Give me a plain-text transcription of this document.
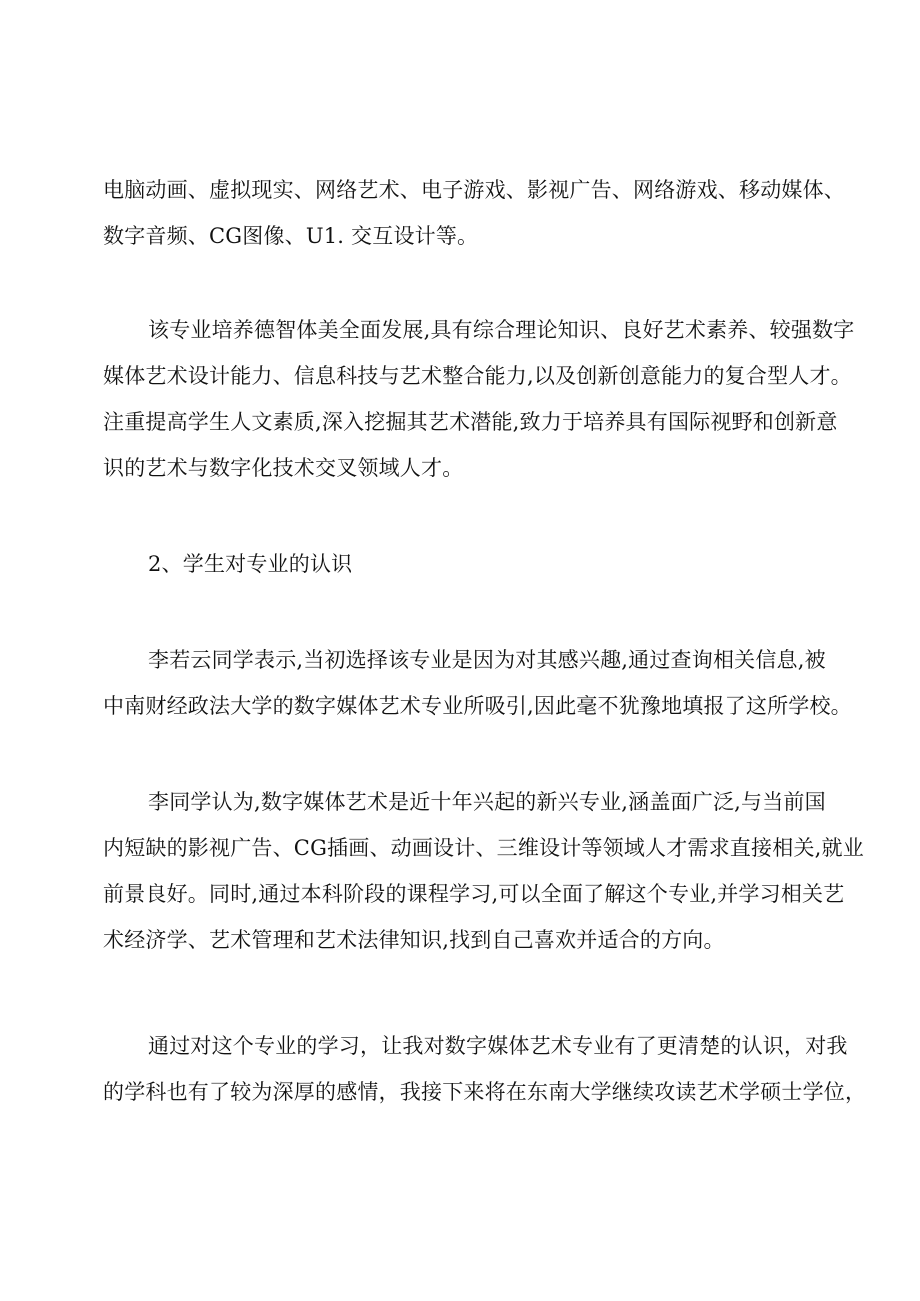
电脑动画、虚拟现实、网络艺术、电子游戏、影视广告、网络游戏、移动媒体、
数字音频、CG图像、U1. 交互设计等。
该专业培养德智体美全面发展,具有综合理论知识、良好艺术素养、较强数字
媒体艺术设计能力、信息科技与艺术整合能力,以及创新创意能力的复合型人才。
注重提高学生人文素质,深入挖掘其艺术潜能,致力于培养具有国际视野和创新意
识的艺术与数字化技术交叉领域人才。
2、学生对专业的认识
李若云同学表示,当初选择该专业是因为对其感兴趣,通过查询相关信息,被
中南财经政法大学的数字媒体艺术专业所吸引,因此毫不犹豫地填报了这所学校。
李同学认为,数字媒体艺术是近十年兴起的新兴专业,涵盖面广泛,与当前国
内短缺的影视广告、CG插画、动画设计、三维设计等领域人才需求直接相关,就业
前景良好。同时,通过本科阶段的课程学习,可以全面了解这个专业,并学习相关艺
术经济学、艺术管理和艺术法律知识,找到自己喜欢并适合的方向。
通过对这个专业的学习，让我对数字媒体艺术专业有了更清楚的认识，对我
的学科也有了较为深厚的感情，我接下来将在东南大学继续攻读艺术学硕士学位，
